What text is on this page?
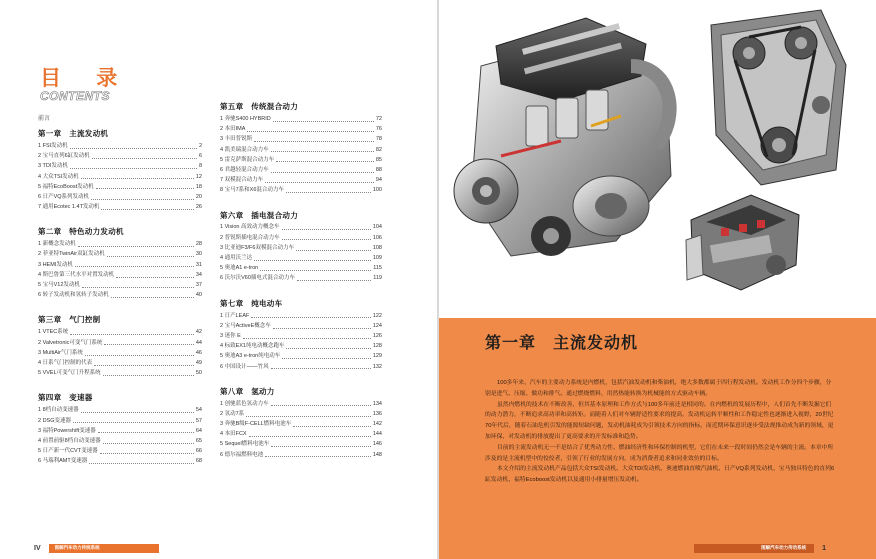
目 录
CONTENTS
前言
第一章　主流发动机
1 FSI发动机	2
2 宝马直列6缸发动机	6
3 TDI发动机	8
4 大众TSI发动机	12
5 福特EcoBoost发动机	18
6 日产VQ系列发动机	20
7 通用Ecotec 1.4T发动机	26
第二章　特色动力发动机
1 新概念发动机	28
2 菲亚特TwinAir双缸发动机	30
3 HEMI发动机	31
4 斯巴鲁第三代水平对置发动机	34
5 宝马V12发动机	37
6 转子发动机和氢转子发动机	40
第三章　气门控制
1 VTEC系统	42
2 Valvetronic可变气门系统	44
3 MultiAir气门系统	46
4 日系气门控制的代表	49
5 VVEL可变气门升程系统	50
第四章　变速器
1 8档自动变速器	54
2 DSG变速器	57
3 福特Powershift变速器	64
4 前置前驱8档自动变速器	65
5 日产新一代CVT变速器	66
6 马瑞利AMT变速器	68
第五章　传统混合动力
1 奔驰S400 HYBRID	72
2 本田IMA	76
3 丰田普锐斯	78
4 凯美瑞混合动力车	82
5 雷克萨斯混合动力车	85
6 君越轻混合动力车	88
7 双模混合动力车	94
8 宝马7系和X6混合动力车	100
第六章　插电混合动力
1 Vision 高效动力概念车	104
2 普锐斯插电混合动力车	106
3 比亚迪F3/F6双模混合动力车	108
4 通用沃兰达	109
5 奥迪A1 e-tron	115
6 沃尔沃V60插电式混合动力车	119
第七章　纯电动车
1 日产LEAF	122
2 宝马ActiveE概念车	124
3 迷你 E	126
4 标致EX1纯电动概念跑车	128
5 奥迪A3 e-tron纯电动车	129
6 中国设计——竹风	132
第八章　氢动力
1 创驰蓝色氢动力车	134
2 氢动7系	136
3 奔驰B级F-CELL燃料电池车	142
4 本田FCX	144
5 Sequel燃料电池车	146
6 德尔福燃料电池	148
IV	图解汽车动力传统系统
第一章　主流发动机

100多年来，汽车的主要动力系统是内燃机，包括汽油发动机和柴油机，绝大多数都属于四行程发动机。发动机工作分四个步骤，分别是进气、压缩、做功和排气。通过燃烧燃料，用然热能转换为机械能的方式驱动车辆。

虽然内燃机的技术在不断改善，但其基本原理和工作方式与100多年前还是相同的。在内燃机的发展历程中，人们首先不断发掘它们的动力潜力，不断追求高功率和高转矩。而随着人们对车辆舒适性要求的提高，发动机运转平顺性和工作稳定性也逐渐进入视野，20世纪70年代后，随着石油危机引发的能源短缺问题，发动机油耗成为引领技术方向的指标，而近期环保意识逐步受法规推动成为新的领域，更加环保，对发动机的排放提出了更高要求的开发标准和趋势。

目前的主流发动机无一不是结合了优秀动力性、燃油经济性和环保控制的机型，它们在未来一段时间仍然会是车辆的主流。本章中所涉及的是主流机型中的佼佼者，引领了行业的发展方向，成为消费者追求和同业效仿的目标。

本文介绍的主流发动机产品包括大众TSI发动机、大众TDI发动机、奥迪燃油直喷汽油机、日产VQ系列发动机、宝马独具特色的直列6缸发动机、福特Ecoboost发动机以及通用小排量增压发动机。

图解汽车动力传动系统 1
